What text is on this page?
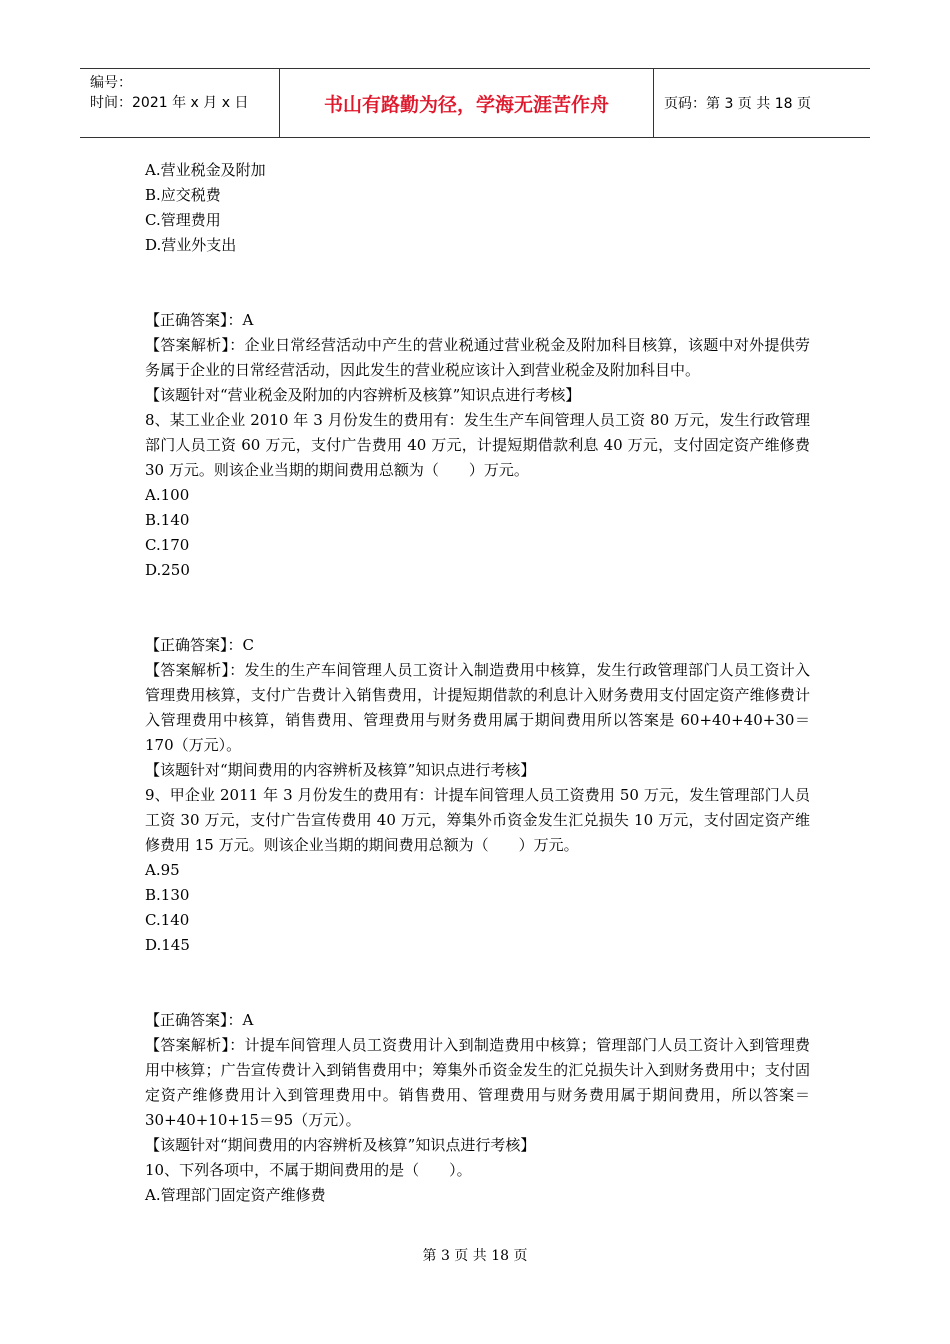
编号：
时间：2021 年 x 月 x 日	书山有路勤为径，学海无涯苦作舟	页码：第 3 页 共 18 页

A.营业税金及附加

B.应交税费

C.管理费用

D.营业外支出

【正确答案】：A

【答案解析】：企业日常经营活动中产生的营业税通过营业税金及附加科目核算，该题中对外提供劳务属于企业的日常经营活动，因此发生的营业税应该计入到营业税金及附加科目中。

【该题针对“营业税金及附加的内容辨析及核算”知识点进行考核】

8、某工业企业 2010 年 3 月份发生的费用有：发生生产车间管理人员工资 80 万元，发生行政管理部门人员工资 60 万元，支付广告费用 40 万元，计提短期借款利息 40 万元，支付固定资产维修费 30 万元。则该企业当期的期间费用总额为（　　）万元。

A.100

B.140

C.170

D.250

【正确答案】：C

【答案解析】：发生的生产车间管理人员工资计入制造费用中核算，发生行政管理部门人员工资计入管理费用核算，支付广告费计入销售费用，计提短期借款的利息计入财务费用支付固定资产维修费计入管理费用中核算，销售费用、管理费用与财务费用属于期间费用所以答案是 60+40+40+30＝170（万元）。

【该题针对“期间费用的内容辨析及核算”知识点进行考核】

9、甲企业 2011 年 3 月份发生的费用有：计提车间管理人员工资费用 50 万元，发生管理部门人员工资 30 万元，支付广告宣传费用 40 万元，筹集外币资金发生汇兑损失 10 万元，支付固定资产维修费用 15 万元。则该企业当期的期间费用总额为（　　）万元。

A.95

B.130

C.140

D.145

【正确答案】：A

【答案解析】：计提车间管理人员工资费用计入到制造费用中核算；管理部门人员工资计入到管理费用中核算；广告宣传费计入到销售费用中；筹集外币资金发生的汇兑损失计入到财务费用中；支付固定资产维修费用计入到管理费用中。销售费用、管理费用与财务费用属于期间费用，所以答案＝30+40+10+15＝95（万元）。

【该题针对“期间费用的内容辨析及核算”知识点进行考核】

10、下列各项中，不属于期间费用的是（　　）。

A.管理部门固定资产维修费

第 3 页 共 18 页
